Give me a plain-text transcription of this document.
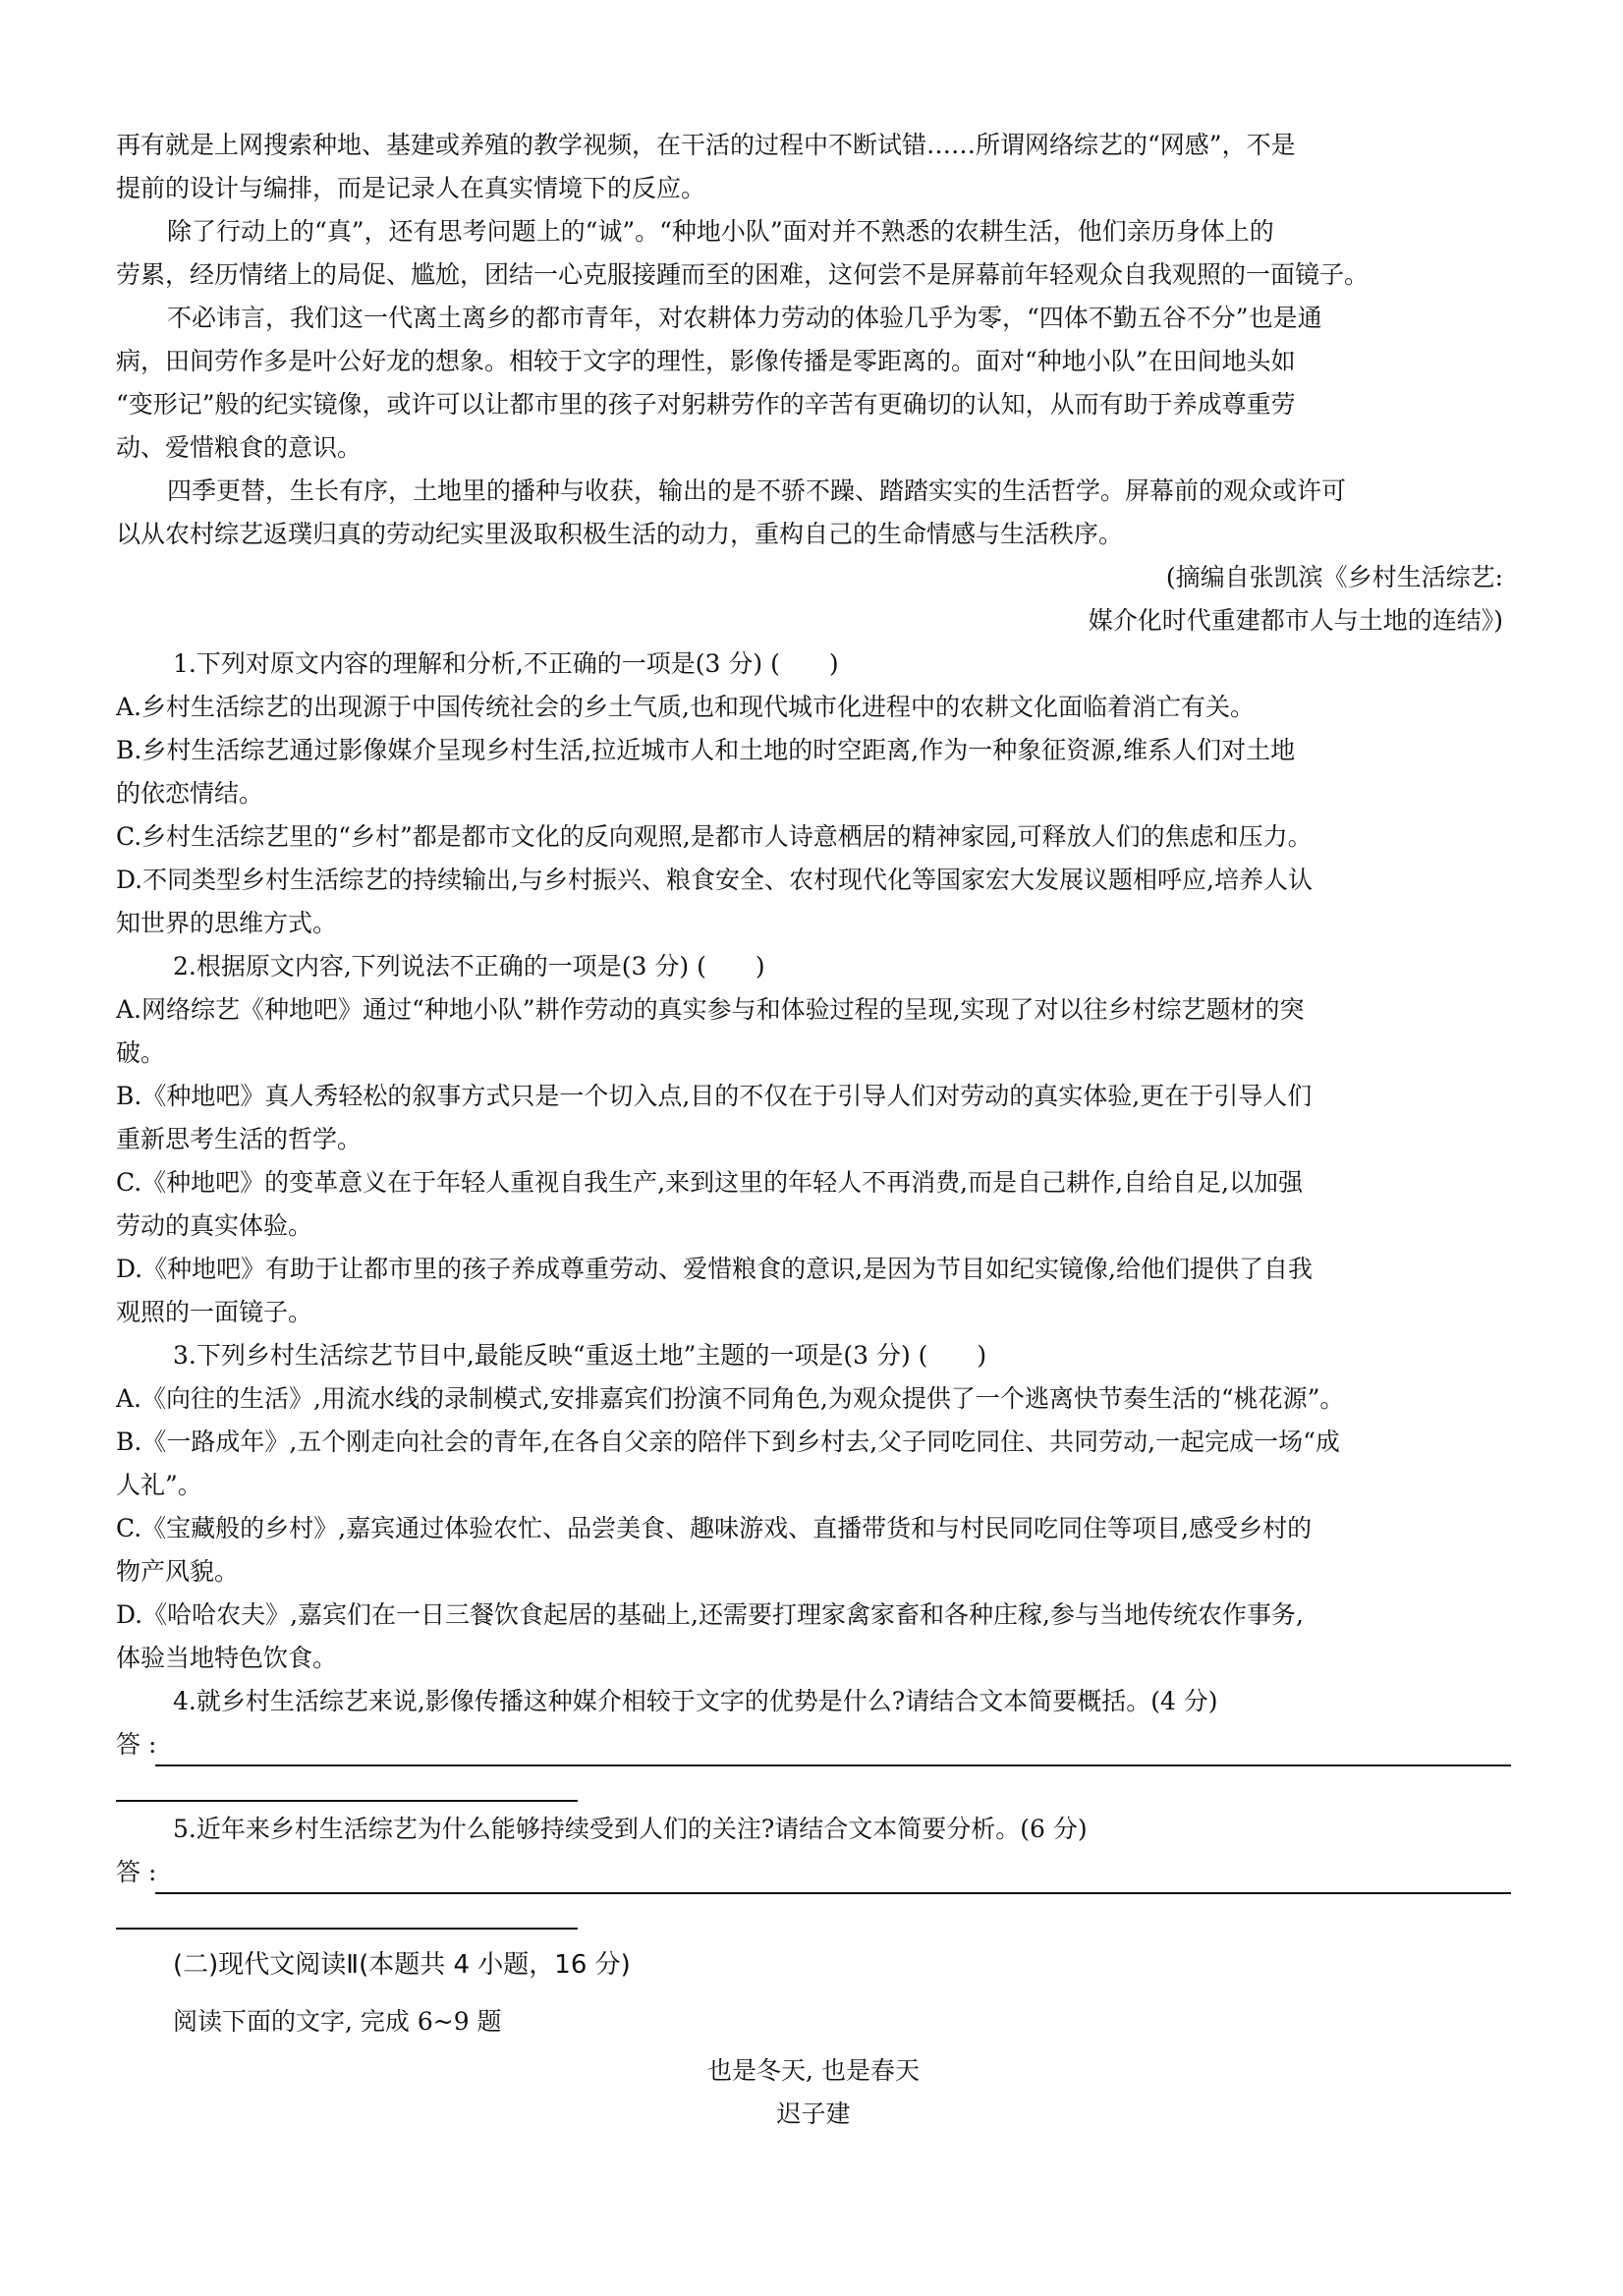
再有就是上网搜索种地、基建或养殖的教学视频，在干活的过程中不断试错……所谓网络综艺的“网感”，不是

提前的设计与编排，而是记录人在真实情境下的反应。

除了行动上的“真”，还有思考问题上的“诚”。“种地小队”面对并不熟悉的农耕生活，他们亲历身体上的

劳累，经历情绪上的局促、尴尬，团结一心克服接踵而至的困难，这何尝不是屏幕前年轻观众自我观照的一面镜子。

不必讳言，我们这一代离土离乡的都市青年，对农耕体力劳动的体验几乎为零，“四体不勤五谷不分”也是通

病，田间劳作多是叶公好龙的想象。相较于文字的理性，影像传播是零距离的。面对“种地小队”在田间地头如

“变形记”般的纪实镜像，或许可以让都市里的孩子对躬耕劳作的辛苦有更确切的认知，从而有助于养成尊重劳

动、爱惜粮食的意识。

四季更替，生长有序，土地里的播种与收获，输出的是不骄不躁、踏踏实实的生活哲学。屏幕前的观众或许可

以从农村综艺返璞归真的劳动纪实里汲取积极生活的动力，重构自己的生命情感与生活秩序。

(摘编自张凯滨《乡村生活综艺:

媒介化时代重建都市人与土地的连结》)

1.下列对原文内容的理解和分析,不正确的一项是(3 分) (　　)

A.乡村生活综艺的出现源于中国传统社会的乡土气质,也和现代城市化进程中的农耕文化面临着消亡有关。

B.乡村生活综艺通过影像媒介呈现乡村生活,拉近城市人和土地的时空距离,作为一种象征资源,维系人们对土地

的依恋情结。

C.乡村生活综艺里的“乡村”都是都市文化的反向观照,是都市人诗意栖居的精神家园,可释放人们的焦虑和压力。

D.不同类型乡村生活综艺的持续输出,与乡村振兴、粮食安全、农村现代化等国家宏大发展议题相呼应,培养人认

知世界的思维方式。

2.根据原文内容,下列说法不正确的一项是(3 分) (　　)

A.网络综艺《种地吧》通过“种地小队”耕作劳动的真实参与和体验过程的呈现,实现了对以往乡村综艺题材的突

破。

B.《种地吧》真人秀轻松的叙事方式只是一个切入点,目的不仅在于引导人们对劳动的真实体验,更在于引导人们

重新思考生活的哲学。

C.《种地吧》的变革意义在于年轻人重视自我生产,来到这里的年轻人不再消费,而是自己耕作,自给自足,以加强

劳动的真实体验。

D.《种地吧》有助于让都市里的孩子养成尊重劳动、爱惜粮食的意识,是因为节目如纪实镜像,给他们提供了自我

观照的一面镜子。

3.下列乡村生活综艺节目中,最能反映“重返土地”主题的一项是(3 分) (　　)

A.《向往的生活》,用流水线的录制模式,安排嘉宾们扮演不同角色,为观众提供了一个逃离快节奏生活的“桃花源”。

B.《一路成年》,五个刚走向社会的青年,在各自父亲的陪伴下到乡村去,父子同吃同住、共同劳动,一起完成一场“成

人礼”。

C.《宝藏般的乡村》,嘉宾通过体验农忙、品尝美食、趣味游戏、直播带货和与村民同吃同住等项目,感受乡村的

物产风貌。

D.《哈哈农夫》,嘉宾们在一日三餐饮食起居的基础上,还需要打理家禽家畜和各种庄稼,参与当地传统农作事务,

体验当地特色饮食。

4.就乡村生活综艺来说,影像传播这种媒介相较于文字的优势是什么?请结合文本简要概括。(4 分)

答 :

5.近年来乡村生活综艺为什么能够持续受到人们的关注?请结合文本简要分析。(6 分)

答 :

(二)现代文阅读Ⅱ(本题共 4 小题，16 分)

阅读下面的文字, 完成 6~9 题

也是冬天, 也是春天

迟子建
